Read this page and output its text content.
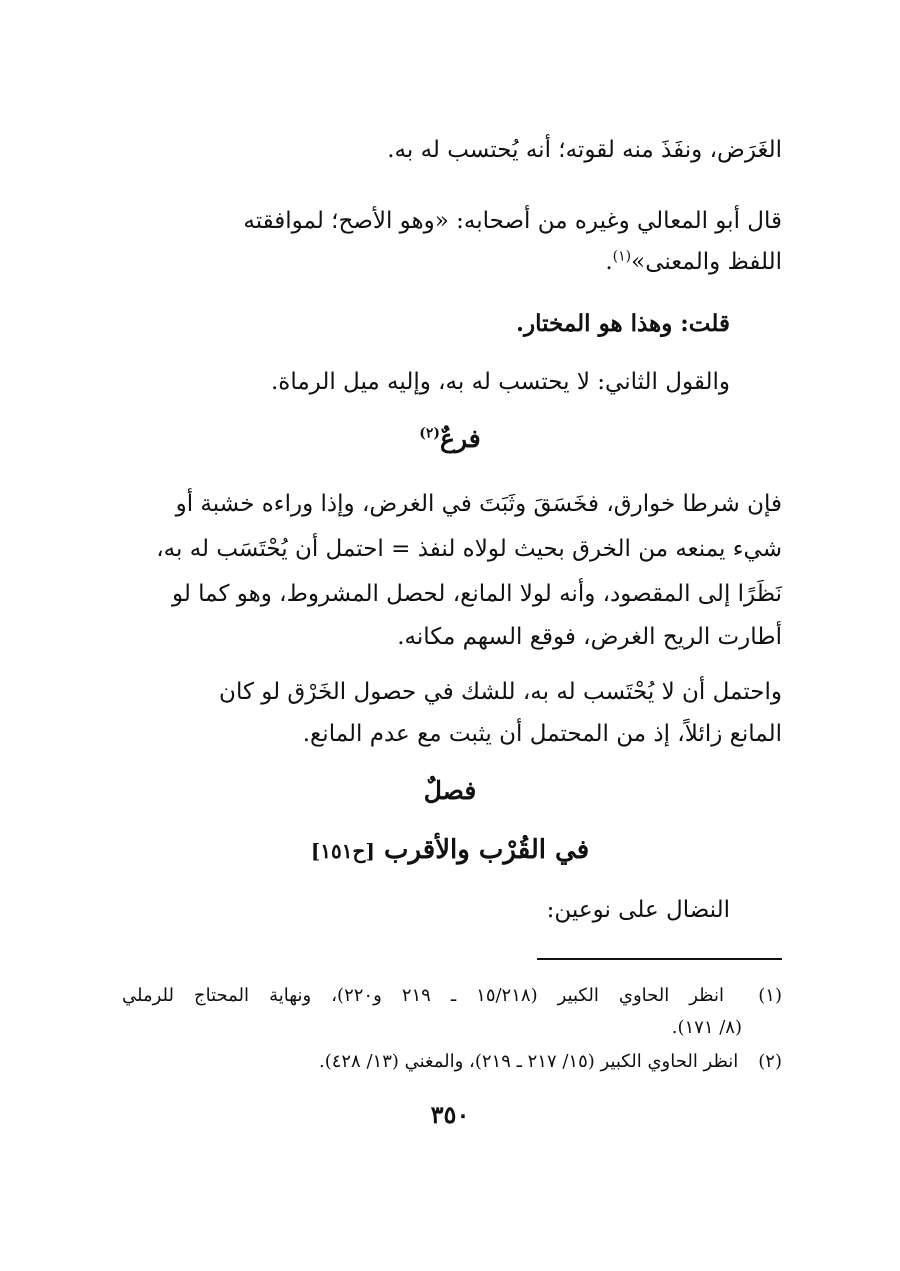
الغَرَض، ونفَذَ منه لقوته؛ أنه يُحتسب له به.

قال أبو المعالي وغيره من أصحابه: «وهو الأصح؛ لموافقته

اللفظ والمعنى»$^{(١)}$.

قلت: وهذا هو المختار.

والقول الثاني: لا يحتسب له به، وإليه ميل الرماة.

فرعٌ$^{(٢)}$

فإن شرطا خوارق، فخَسَقَ وثَبَتَ في الغرض، وإذا وراءه خشبة أو

شيء يمنعه من الخرق بحيث لولاه لنفذ = احتمل أن يُحْتَسَب له به،

نَظَرًا إلى المقصود، وأنه لولا المانع، لحصل المشروط، وهو كما لو

أطارت الريح الغرض، فوقع السهم مكانه.

واحتمل أن لا يُحْتَسب له به، للشك في حصول الخَرْق لو كان

المانع زائلاً، إذ من المحتمل أن يثبت مع عدم المانع.

فصلٌ

في القُرْب والأقرب [ح١٥١]

النضال على نوعين:

(١) انظر الحاوي الكبير (١٥/٢١٨ ـ ٢١٩ و٢٢٠)، ونهاية المحتاج للرملي

(٨/ ١٧١).

(٢) انظر الحاوي الكبير (١٥/ ٢١٧ ـ ٢١٩)، والمغني (١٣/ ٤٢٨).

٣٥٠
